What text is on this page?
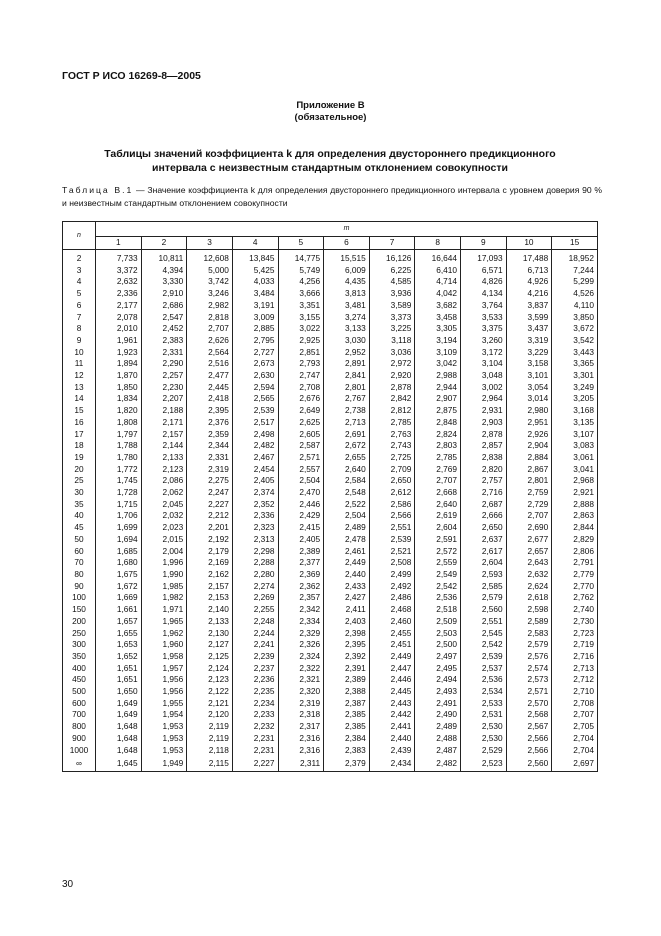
ГОСТ Р ИСО 16269-8—2005
Приложение В
(обязательное)
Таблицы значений коэффициента k для определения двустороннего предикционного
интервала с неизвестным стандартным отклонением совокупности
Таблица В.1 — Значение коэффициента k для определения двустороннего предикционного интервала с уровнем доверия 90 % и неизвестным стандартным отклонением совокупности
n	m										
	1	2	3	4	5	6	7	8	9	10	15
2	7,733	10,811	12,608	13,845	14,775	15,515	16,126	16,644	17,093	17,488	18,952
3	3,372	4,394	5,000	5,425	5,749	6,009	6,225	6,410	6,571	6,713	7,244
4	2,632	3,330	3,742	4,033	4,256	4,435	4,585	4,714	4,826	4,926	5,299
5	2,336	2,910	3,246	3,484	3,666	3,813	3,936	4,042	4,134	4,216	4,526
6	2,177	2,686	2,982	3,191	3,351	3,481	3,589	3,682	3,764	3,837	4,110
7	2,078	2,547	2,818	3,009	3,155	3,274	3,373	3,458	3,533	3,599	3,850
8	2,010	2,452	2,707	2,885	3,022	3,133	3,225	3,305	3,375	3,437	3,672
9	1,961	2,383	2,626	2,795	2,925	3,030	3,118	3,194	3,260	3,319	3,542
10	1,923	2,331	2,564	2,727	2,851	2,952	3,036	3,109	3,172	3,229	3,443
11	1,894	2,290	2,516	2,673	2,793	2,891	2,972	3,042	3,104	3,158	3,365
12	1,870	2,257	2,477	2,630	2,747	2,841	2,920	2,988	3,048	3,101	3,301
13	1,850	2,230	2,445	2,594	2,708	2,801	2,878	2,944	3,002	3,054	3,249
14	1,834	2,207	2,418	2,565	2,676	2,767	2,842	2,907	2,964	3,014	3,205
15	1,820	2,188	2,395	2,539	2,649	2,738	2,812	2,875	2,931	2,980	3,168
16	1,808	2,171	2,376	2,517	2,625	2,713	2,785	2,848	2,903	2,951	3,135
17	1,797	2,157	2,359	2,498	2,605	2,691	2,763	2,824	2,878	2,926	3,107
18	1,788	2,144	2,344	2,482	2,587	2,672	2,743	2,803	2,857	2,904	3,083
19	1,780	2,133	2,331	2,467	2,571	2,655	2,725	2,785	2,838	2,884	3,061
20	1,772	2,123	2,319	2,454	2,557	2,640	2,709	2,769	2,820	2,867	3,041
25	1,745	2,086	2,275	2,405	2,504	2,584	2,650	2,707	2,757	2,801	2,968
30	1,728	2,062	2,247	2,374	2,470	2,548	2,612	2,668	2,716	2,759	2,921
35	1,715	2,045	2,227	2,352	2,446	2,522	2,586	2,640	2,687	2,729	2,888
40	1,706	2,032	2,212	2,336	2,429	2,504	2,566	2,619	2,666	2,707	2,863
45	1,699	2,023	2,201	2,323	2,415	2,489	2,551	2,604	2,650	2,690	2,844
50	1,694	2,015	2,192	2,313	2,405	2,478	2,539	2,591	2,637	2,677	2,829
60	1,685	2,004	2,179	2,298	2,389	2,461	2,521	2,572	2,617	2,657	2,806
70	1,680	1,996	2,169	2,288	2,377	2,449	2,508	2,559	2,604	2,643	2,791
80	1,675	1,990	2,162	2,280	2,369	2,440	2,499	2,549	2,593	2,632	2,779
90	1,672	1,985	2,157	2,274	2,362	2,433	2,492	2,542	2,585	2,624	2,770
100	1,669	1,982	2,153	2,269	2,357	2,427	2,486	2,536	2,579	2,618	2,762
150	1,661	1,971	2,140	2,255	2,342	2,411	2,468	2,518	2,560	2,598	2,740
200	1,657	1,965	2,133	2,248	2,334	2,403	2,460	2,509	2,551	2,589	2,730
250	1,655	1,962	2,130	2,244	2,329	2,398	2,455	2,503	2,545	2,583	2,723
300	1,653	1,960	2,127	2,241	2,326	2,395	2,451	2,500	2,542	2,579	2,719
350	1,652	1,958	2,125	2,239	2,324	2,392	2,449	2,497	2,539	2,576	2,716
400	1,651	1,957	2,124	2,237	2,322	2,391	2,447	2,495	2,537	2,574	2,713
450	1,651	1,956	2,123	2,236	2,321	2,389	2,446	2,494	2,536	2,573	2,712
500	1,650	1,956	2,122	2,235	2,320	2,388	2,445	2,493	2,534	2,571	2,710
600	1,649	1,955	2,121	2,234	2,319	2,387	2,443	2,491	2,533	2,570	2,708
700	1,649	1,954	2,120	2,233	2,318	2,385	2,442	2,490	2,531	2,568	2,707
800	1,648	1,953	2,119	2,232	2,317	2,385	2,441	2,489	2,530	2,567	2,705
900	1,648	1,953	2,119	2,231	2,316	2,384	2,440	2,488	2,530	2,566	2,704
1000	1,648	1,953	2,118	2,231	2,316	2,383	2,439	2,487	2,529	2,566	2,704
∞	1,645	1,949	2,115	2,227	2,311	2,379	2,434	2,482	2,523	2,560	2,697
30
